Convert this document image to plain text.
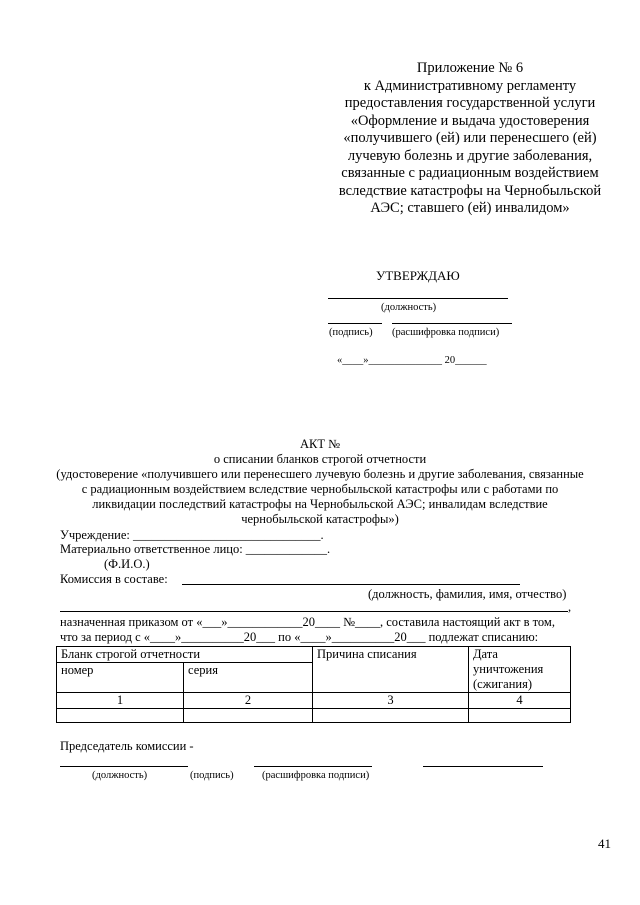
Приложение № 6
к Административному регламенту
предоставления государственной услуги
«Оформление и выдача удостоверения
«получившего (ей) или перенесшего (ей)
лучевую болезнь и другие заболевания,
связанные с радиационным воздействием
вследствие катастрофы на Чернобыльской
АЭС; ставшего (ей) инвалидом»
УТВЕРЖДАЮ
(должность)
(подпись) (расшифровка подписи)
«____»______________ 20______
АКТ №
о списании бланков строгой отчетности
(удостоверение «получившего или перенесшего лучевую болезнь и другие заболевания, связанные
с радиационным воздействием вследствие чернобыльской катастрофы или с работами по
ликвидации последствий катастрофы на Чернобыльской АЭС; инвалидам вследствие
чернобыльской катастрофы»)
Учреждение: ______________________________.
Материально ответственное лицо: _____________.
(Ф.И.О.)
Комиссия в составе:
(должность, фамилия, имя, отчество)
,
назначенная приказом от «___»____________20____ №____, составила настоящий акт в том,
что за период с «____»__________20___ по «____»__________20___ подлежат списанию:
Бланк строгой отчетности		Причина списания	Дата
уничтожения
(сжигания)

номер	серия		
1	2	3	4

Председатель комиссии -
(должность)	(подпись)	(расшифровка подписи)
41
